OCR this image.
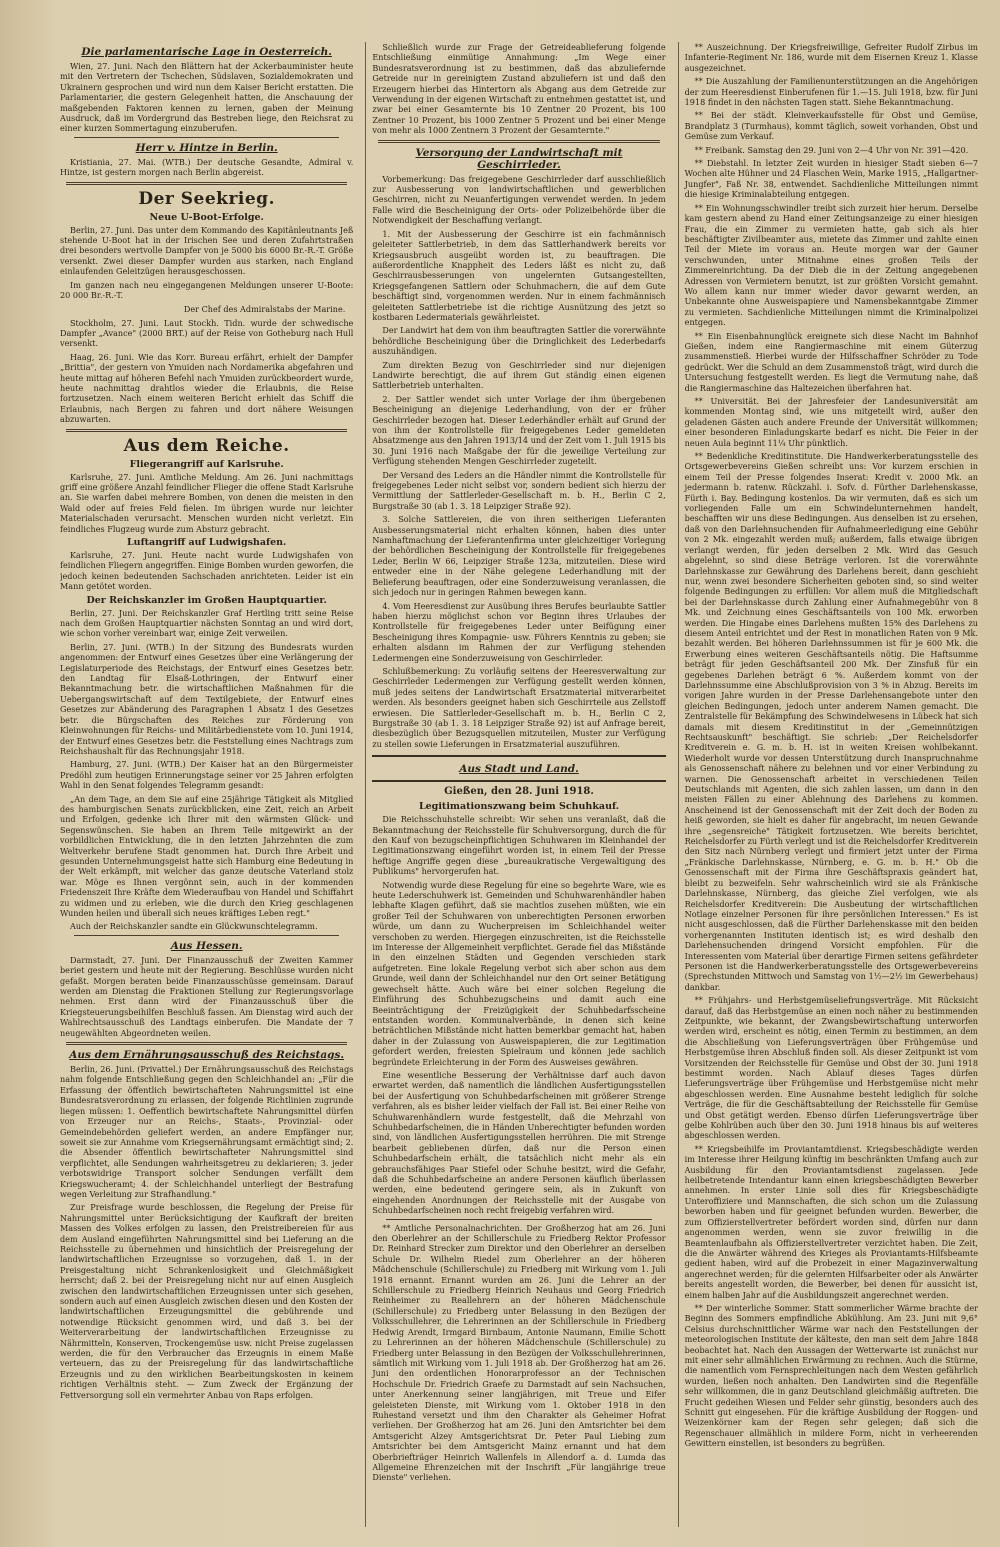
Die parlamentarische Lage in Oesterreich.

Wien, 27. Juni. Nach den Blättern hat der Ackerbauminister heute mit den Vertretern der Tschechen, Südslaven, Sozialdemokraten und Ukrainern gesprochen und wird nun dem Kaiser Bericht erstatten. Die Parlamentarier, die gestern Gelegenheit hatten, die Anschauung der maßgebenden Faktoren kennen zu lernen, gaben der Meinung Ausdruck, daß im Vordergrund das Bestreben liege, den Reichsrat zu einer kurzen Sommertagung einzuberufen.

Herr v. Hintze in Berlin.

Kristiania, 27. Mai. (WTB.) Der deutsche Gesandte, Admiral v. Hintze, ist gestern morgen nach Berlin abgereist.

Der Seekrieg.
Neue U-Boot-Erfolge.

Berlin, 27. Juni. Das unter dem Kommando des Kapitänleutnants Jeß stehende U-Boot hat in der Irischen See und deren Zufahrtstraßen drei besonders wertvolle Dampfer von je 5000 bis 6000 Br.-R.-T. Größe versenkt. Zwei dieser Dampfer wurden aus starken, nach England einlaufenden Geleitzügen herausgeschossen.

Im ganzen nach neu eingegangenen Meldungen unserer U-Boote: 20 000 Br.-R.-T.

Der Chef des Admiralstabs der Marine.

Stockholm, 27. Juni. Laut Stockh. Tidn. wurde der schwedische Dampfer „Avance" (2000 BRT.) auf der Reise von Gotheburg nach Hull versenkt.

Haag, 26. Juni. Wie das Korr. Bureau erfährt, erhielt der Dampfer „Brittia", der gestern von Ymuiden nach Nordamerika abgefahren und heute mittag auf höheren Befehl nach Ymuiden zurückbeordert wurde, heute nachmittag drahtlos wieder die Erlaubnis, die Reise fortzusetzen. Nach einem weiteren Bericht erhielt das Schiff die Erlaubnis, nach Bergen zu fahren und dort nähere Weisungen abzuwarten.

Aus dem Reiche.
Fliegerangriff auf Karlsruhe.

Karlsruhe, 27. Juni. Amtliche Meldung. Am 26. Juni nachmittags griff eine größere Anzahl feindlicher Flieger die offene Stadt Karlsruhe an. Sie warfen dabei mehrere Bomben, von denen die meisten in den Wald oder auf freies Feld fielen. Im übrigen wurde nur leichter Materialschaden verursacht. Menschen wurden nicht verletzt. Ein feindliches Flugzeug wurde zum Absturz gebracht.

Luftangriff auf Ludwigshafen.

Karlsruhe, 27. Juni. Heute nacht wurde Ludwigshafen von feindlichen Fliegern angegriffen. Einige Bomben wurden geworfen, die jedoch keinen bedeutenden Sachschaden anrichteten. Leider ist ein Mann getötet worden.

Der Reichskanzler im Großen Hauptquartier.

Berlin, 27. Juni. Der Reichskanzler Graf Hertling tritt seine Reise nach dem Großen Hauptquartier nächsten Sonntag an und wird dort, wie schon vorher vereinbart war, einige Zeit verweilen.

Berlin, 27. Juni. (WTB.) In der Sitzung des Bundesrats wurden angenommen: der Entwurf eines Gesetzes über eine Verlängerung der Legislaturperiode des Reichstags, der Entwurf eines Gesetzes betr. den Landtag für Elsaß-Lothringen, der Entwurf einer Bekanntmachung betr. die wirtschaftlichen Maßnahmen für die Uebergangswirtschaft auf dem Textilgebiete, der Entwurf eines Gesetzes zur Abänderung des Paragraphen 1 Absatz 1 des Gesetzes betr. die Bürgschaften des Reiches zur Förderung von Kleinwohnungen für Reichs- und Militärbedienstete vom 10. Juni 1914, der Entwurf eines Gesetzes betr. die Feststellung eines Nachtrags zum Reichshaushalt für das Rechnungsjahr 1918.

Hamburg, 27. Juni. (WTB.) Der Kaiser hat an den Bürgermeister Predöhl zum heutigen Erinnerungstage seiner vor 25 Jahren erfolgten Wahl in den Senat folgendes Telegramm gesandt:

„An dem Tage, an dem Sie auf eine 25jährige Tätigkeit als Mitglied des hamburgischen Senats zurückblicken, eine Zeit, reich an Arbeit und Erfolgen, gedenke ich Ihrer mit den wärmsten Glück- und Segenswünschen. Sie haben an Ihrem Teile mitgewirkt an der vorbildlichen Entwicklung, die in den letzten Jahrzehnten die zum Weltverkehr berufene Stadt genommen hat. Durch Ihre Arbeit und gesunden Unternehmungsgeist hatte sich Hamburg eine Bedeutung in der Welt erkämpft, mit welcher das ganze deutsche Vaterland stolz war. Möge es Ihnen vergönnt sein, auch in der kommenden Friedenszeit Ihre Kräfte dem Wiederaufbau von Handel und Schiffahrt zu widmen und zu erleben, wie die durch den Krieg geschlagenen Wunden heilen und überall sich neues kräftiges Leben regt."

Auch der Reichskanzler sandte ein Glückwunschtelegramm.

Aus Hessen.

Darmstadt, 27. Juni. Der Finanzausschuß der Zweiten Kammer beriet gestern und heute mit der Regierung. Beschlüsse wurden nicht gefaßt. Morgen beraten beide Finanzausschüsse gemeinsam. Darauf werden am Dienstag die Fraktionen Stellung zur Regierungsvorlage nehmen. Erst dann wird der Finanzausschuß über die Kriegsteuerungsbeihilfen Beschluß fassen. Am Dienstag wird auch der Wahlrechtsausschuß des Landtags einberufen. Die Mandate der 7 neugewählten Abgeordneten weilen.

Aus dem Ernährungsausschuß des Reichstags.

Berlin, 26. Juni. (Privattel.) Der Ernährungsausschuß des Reichstags nahm folgende Entschließung gegen den Schleichhandel an: „Für die Erfassung der öffentlich bewirtschafteten Nahrungsmittel ist eine Bundesratsverordnung zu erlassen, der folgende Richtlinien zugrunde liegen müssen: 1. Oeffentlich bewirtschaftete Nahrungsmittel dürfen von Erzeuger nur an Reichs-, Staats-, Provinzial- oder Gemeindebehörden geliefert werden, an andere Empfänger nur, soweit sie zur Annahme vom Kriegsernährungsamt ermächtigt sind; 2. die Absender öffentlich bewirtschafteter Nahrungsmittel sind verpflichtet, alle Sendungen wahrheitsgetreu zu deklarieren; 3. jeder verbotswidrige Transport solcher Sendungen verfällt dem Kriegswucheramt; 4. der Schleichhandel unterliegt der Bestrafung wegen Verleitung zur Strafhandlung."

Zur Preisfrage wurde beschlossen, die Regelung der Preise für Nahrungsmittel unter Berücksichtigung der Kaufkraft der breiten Massen des Volkes erfolgen zu lassen, den Preistreibereien für aus dem Ausland eingeführten Nahrungsmittel sind bei Lieferung an die Reichsstelle zu übernehmen und hinsichtlich der Preisregelung der landwirtschaftlichen Erzeugnisse so vorzugehen, daß 1. in der Preisgestaltung nicht Schrankenlosigkeit und Gleichmäßigkeit herrscht; daß 2. bei der Preisregelung nicht nur auf einen Ausgleich zwischen den landwirtschaftlichen Erzeugnissen unter sich gesehen, sondern auch auf einen Ausgleich zwischen diesen und den Kosten der landwirtschaftlichen Erzeugungsmittel die gebührende und notwendige Rücksicht genommen wird, und daß 3. bei der Weiterverarbeitung der landwirtschaftlichen Erzeugnisse zu Nährmitteln, Konserven, Trockengemüse usw. nicht Preise zugelassen werden, die für den Verbraucher das Erzeugnis in einem Maße verteuern, das zu der Preisregelung für das landwirtschaftliche Erzeugnis und zu den wirklichen Bearbeitungskosten in keinem richtigen Verhältnis steht. — Zum Zweck der Ergänzung der Fettversorgung soll ein vermehrter Anbau von Raps erfolgen.

Schließlich wurde zur Frage der Getreideablieferung folgende Entschließung einmütige Annahmung: „Im Wege einer Bundesratsverordnung ist zu bestimmen, daß das abzuliefernde Getreide nur in gereinigtem Zustand abzuliefern ist und daß den Erzeugern hierbei das Hintertorn als Abgang aus dem Getreide zur Verwendung in der eigenen Wirtschaft zu entnehmen gestattet ist, und zwar bei einer Gesamternte bis 10 Zentner 20 Prozent, bis 100 Zentner 10 Prozent, bis 1000 Zentner 5 Prozent und bei einer Menge von mehr als 1000 Zentnern 3 Prozent der Gesamternte."

Versorgung der Landwirtschaft mit Geschirrleder.

Vorbemerkung: Das freigegebene Geschirrleder darf ausschließlich zur Ausbesserung von landwirtschaftlichen und gewerblichen Geschirren, nicht zu Neuanfertigungen verwendet werden. In jedem Falle wird die Bescheinigung der Orts- oder Polizeibehörde über die Notwendigkeit der Beschaffung verlangt.

1. Mit der Ausbesserung der Geschirre ist ein fachmännisch geleiteter Sattlerbetrieb, in dem das Sattlerhandwerk bereits vor Kriegsausbruch ausgeübt worden ist, zu beauftragen. Die außerordentliche Knappheit des Leders läßt es nicht zu, daß Geschirrausbesserungen von ungelernten Gutsangestellten, Kriegsgefangenen Sattlern oder Schuhmachern, die auf dem Gute beschäftigt sind, vorgenommen werden. Nur in einem fachmännisch geleiteten Sattlerbetriebe ist die richtige Ausnützung des jetzt so kostbaren Ledermaterials gewährleistet.

Der Landwirt hat dem von ihm beauftragten Sattler die vorerwähnte behördliche Bescheinigung über die Dringlichkeit des Lederbedarfs auszuhändigen.

Zum direkten Bezug von Geschirrleder sind nur diejenigen Landwirte berechtigt, die auf ihrem Gut ständig einen eigenen Sattlerbetrieb unterhalten.

2. Der Sattler wendet sich unter Vorlage der ihm übergebenen Bescheinigung an diejenige Lederhandlung, von der er früher Geschirrleder bezogen hat. Dieser Lederhändler erhält auf Grund der von ihm der Kontrollstelle für freigegebenes Leder gemeldeten Absatzmenge aus den Jahren 1913/14 und der Zeit vom 1. Juli 1915 bis 30. Juni 1916 nach Maßgabe der für die jeweilige Verteilung zur Verfügung stehenden Mengen Geschirrleder zugeteilt.

Der Versand des Leders an die Händler nimmt die Kontrollstelle für freigegebenes Leder nicht selbst vor, sondern bedient sich hierzu der Vermittlung der Sattlerleder-Gesellschaft m. b. H., Berlin C 2, Burgstraße 30 (ab 1. 3. 18 Leipziger Straße 92).

3. Solche Sattlereien, die von ihren seitherigen Lieferanten Ausbesserungsmaterial nicht erhalten können, haben dies unter Namhaftmachung der Lieferantenfirma unter gleichzeitiger Vorlegung der behördlichen Bescheinigung der Kontrollstelle für freigegebenes Leder, Berlin W 66, Leipziger Straße 123a, mitzuteilen. Diese wird entweder eine in der Nähe gelegene Lederhandlung mit der Belieferung beauftragen, oder eine Sonderzuweisung veranlassen, die sich jedoch nur in geringen Rahmen bewegen kann.

4. Vom Heeresdienst zur Ausübung ihres Berufes beurlaubte Sattler haben hierzu möglichst schon vor Beginn ihres Urlaubes der Kontrollstelle für freigegebenes Leder unter Beifügung einer Bescheinigung ihres Kompagnie- usw. Führers Kenntnis zu geben; sie erhalten alsdann im Rahmen der zur Verfügung stehenden Ledermengen eine Sonderzuweisung von Geschirrleder.

Schlußbemerkung: Zu vorläufig seitens der Heeresverwaltung zur Geschirrleder Ledermengen zur Verfügung gestellt werden können, muß jedes seitens der Landwirtschaft Ersatzmaterial mitverarbeitet werden. Als besonders geeignet haben sich Geschirrteile aus Zellstoff erwiesen. Die Sattlerleder-Gesellschaft m. b. H., Berlin C 2, Burgstraße 30 (ab 1. 3. 18 Leipziger Straße 92) ist auf Anfrage bereit, diesbezüglich über Bezugsquellen mitzuteilen, Muster zur Verfügung zu stellen sowie Lieferungen in Ersatzmaterial auszuführen.

Aus Stadt und Land.
Gießen, den 28. Juni 1918.
Legitimationszwang beim Schuhkauf.

Die Reichsschuhstelle schreibt: Wir sehen uns veranlaßt, daß die Bekanntmachung der Reichsstelle für Schuhversorgung, durch die für den Kauf von bezugscheinpflichtigen Schuhwaren im Kleinhandel der Legitimationszwang eingeführt worden ist, in einem Teil der Presse heftige Angriffe gegen diese „bureaukratische Vergewaltigung des Publikums" hervorgerufen hat.

Notwendig wurde diese Regelung für eine so begehrte Ware, wie es heute Lederschuhwerk ist. Gemeinden und Schuhwarenhändler haben lebhafte Klagen geführt, daß sie machtlos zusehen müßten, wie ein großer Teil der Schuhwaren von unberechtigten Personen erworben würde, um dann zu Wucherpreisen im Schleichhandel weiter verschoben zu werden. Hiergegen einzuschreiten, ist die Reichsstelle im Interesse der Allgemeinheit verpflichtet. Gerade fiel das Mißstände in den einzelnen Städten und Gegenden verschieden stark aufgetreten. Eine lokale Regelung verbot sich aber schon aus dem Grunde, weil dann der Schleichhandel nur den Ort seiner Betätigung gewechselt hätte. Auch wäre bei einer solchen Regelung die Einführung des Schuhbezugscheins und damit auch eine Beeinträchtigung der Freizügigkeit der Schuhbedarfsscheine entstanden worden. Kommunalverbände, in denen sich keine beträchtlichen Mißstände nicht hatten bemerkbar gemacht hat, haben daher in der Zulassung von Ausweispapieren, die zur Legitimation gefordert werden, freiesten Spielraum und können jede sachlich begründete Erleichterung in der Form des Ausweises gewähren.

Eine wesentliche Besserung der Verhältnisse darf auch davon erwartet werden, daß namentlich die ländlichen Ausfertigungsstellen bei der Ausfertigung von Schuhbedarfscheinen mit größerer Strenge verfahren, als es bisher leider vielfach der Fall ist. Bei einer Reihe von Schuhwarenhändlern wurde festgestellt, daß die Mehrzahl von Schuhbedarfscheinen, die in Händen Unberechtigter befunden worden sind, von ländlichen Ausfertigungsstellen herrühren. Die mit Strenge bearbeit gebliebenen dürfen, daß nur die Person einen Schuhbedarfschein erhält, die tatsächlich nicht mehr als ein gebrauchsfähiges Paar Stiefel oder Schuhe besitzt, wird die Gefahr, daß die Schuhbedarfscheine an andere Personen käuflich überlassen werden, eine bedeutend geringere sein, als in Zukunft von eingehenden Anordnungen der Reichsstelle mit der Ausgabe von Schuhbedarfscheinen noch recht freigebig verfahren wird.

** Amtliche Personalnachrichten. Der Großherzog hat am 26. Juni den Oberlehrer an der Schillerschule zu Friedberg Rektor Professor Dr. Reinhard Strecker zum Direktor und den Oberlehrer an derselben Schule Dr. Wilhelm Riedel zum Oberlehrer an der höheren Mädchenschule (Schillerschule) zu Friedberg mit Wirkung vom 1. Juli 1918 ernannt. Ernannt wurden am 26. Juni die Lehrer an der Schillerschule zu Friedberg Heinrich Neuhaus und Georg Friedrich Reinheimer zu Reallehrern an der höheren Mädchenschule (Schillerschule) zu Friedberg unter Belassung in den Bezügen der Volksschullehrer, die Lehrerinnen an der Schillerschule in Friedberg Hedwig Arendt, Irmgard Birnbaum, Antonie Naumann, Emilie Schott zu Lehrerinnen an der höheren Mädchenschule (Schillerschule) zu Friedberg unter Belassung in den Bezügen der Volksschullehrerinnen, sämtlich mit Wirkung vom 1. Juli 1918 ab. Der Großherzog hat am 26. Juni den ordentlichen Honorarprofessor an der Technischen Hochschule Dr. Friedrich Graefe zu Darmstadt auf sein Nachsuchen, unter Anerkennung seiner langjährigen, mit Treue und Eifer geleisteten Dienste, mit Wirkung vom 1. Oktober 1918 in den Ruhestand versetzt und ihm den Charakter als Geheimer Hofrat verliehen. Der Großherzog hat am 26. Juni den Amtsrichter bei dem Amtsgericht Alzey Amtsgerichtsrat Dr. Peter Paul Liebing zum Amtsrichter bei dem Amtsgericht Mainz ernannt und hat dem Oberbriefträger Heinrich Wallenfels in Allendorf a. d. Lumda das Allgemeine Ehrenzeichen mit der Inschrift „Für langjährige treue Dienste" verliehen.

** Auszeichnung. Der Kriegsfreiwillige, Gefreiter Rudolf Zirbus im Infanterie-Regiment Nr. 186, wurde mit dem Eisernen Kreuz 1. Klasse ausgezeichnet.

** Die Auszahlung der Familienunterstützungen an die Angehörigen der zum Heeresdienst Einberufenen für 1.—15. Juli 1918, bzw. für Juni 1918 findet in den nächsten Tagen statt. Siehe Bekanntmachung.

** Bei der städt. Kleinverkaufsstelle für Obst und Gemüse, Brandplatz 3 (Turmhaus), kommt täglich, soweit vorhanden, Obst und Gemüse zum Verkauf.

** Freibank. Samstag den 29. Juni von 2—4 Uhr von Nr. 391—420.

** Diebstahl. In letzter Zeit wurden in hiesiger Stadt sieben 6—7 Wochen alte Hühner und 24 Flaschen Wein, Marke 1915, „Hallgartner-Jungfer", Faß Nr. 38, entwendet. Sachdienliche Mitteilungen nimmt die hiesige Kriminalabteilung entgegen.

** Ein Wohnungsschwindler treibt sich zurzeit hier herum. Derselbe kam gestern abend zu Hand einer Zeitungsanzeige zu einer hiesigen Frau, die ein Zimmer zu vermieten hatte, gab sich als hier beschäftigter Zivilbeamter aus, mietete das Zimmer und zahlte einen Teil der Miete im voraus an. Heute morgen war der Gauner verschwunden, unter Mitnahme eines großen Teils der Zimmereinrichtung. Da der Dieb die in der Zeitung angegebenen Adressen von Vermietern benutzt, ist zur größten Vorsicht gemahnt. Wo allem kann nur immer wieder davor gewarnt werden, an Unbekannte ohne Ausweispapiere und Namensbekanntgabe Zimmer zu vermieten. Sachdienliche Mitteilungen nimmt die Kriminalpolizei entgegen.

** Ein Eisenbahnunglück ereignete sich diese Nacht im Bahnhof Gießen, indem eine Rangiermaschine mit einem Güterzug zusammenstieß. Hierbei wurde der Hilfsschaffner Schröder zu Tode gedrückt. Wer die Schuld an dem Zusammenstoß trägt, wird durch die Untersuchung festgestellt werden. Es liegt die Vermutung nahe, daß die Rangiermaschine das Haltezeichen überfahren hat.

** Universität. Bei der Jahresfeier der Landesuniversität am kommenden Montag sind, wie uns mitgeteilt wird, außer den geladenen Gästen auch andere Freunde der Universität willkommen; einer besonderen Einladungskarte bedarf es nicht. Die Feier in der neuen Aula beginnt 11¼ Uhr pünktlich.

** Bedenkliche Kreditinstitute. Die Handwerkerberatungsstelle des Ortsgewerbevereins Gießen schreibt uns: Vor kurzem erschien in einem Teil der Presse folgendes Inserat: Kredit v. 2000 Mk. an jedermann b. ratenw. Rückzahl. i. Sofv. d. Fürther Darlehenskasse, Fürth i. Bay. Bedingung kostenlos. Da wir vermuten, daß es sich um vorliegenden Falle um ein Schwindelunternehmen handelt, beschafften wir uns diese Bedingungen. Aus denselben ist zu ersehen, daß von den Darlehnsuchenden für Aufnahmeerledigung eine Gebühr von 2 Mk. eingezahlt werden muß; außerdem, falls etwaige übrigen verlangt werden, für jeden derselben 2 Mk. Wird das Gesuch abgelehnt, so sind diese Beträge verloren. Ist die vorerwähnte Darlehnskasse zur Gewährung des Darlehens bereit, dann geschieht nur, wenn zwei besondere Sicherheiten geboten sind, so sind weiter folgende Bedingungen zu erfüllen: Vor allem muß die Mitgliedschaft bei der Darlehnskasse durch Zahlung einer Aufnahmegebühr von 8 Mk. und Zeichnung eines Geschäftsanteils von 100 Mk. erworben werden. Die Hingabe eines Darlehens mußten 15% des Darlehens zu diesem Anteil entrichtet und der Rest in monatlichen Raten von 9 Mk. bezahlt werden. Bei höheren Darlehnssummen ist für je 600 Mk. die Erwerbung eines weiteren Geschäftsanteils nötig. Die Haftsumme beträgt für jeden Geschäftsanteil 200 Mk. Der Zinsfuß für ein gegebenes Darlehen beträgt 6 %. Außerdem kommt von der Darlehnssumme eine Abschlußprovision von 3 % in Abzug. Bereits im vorigen Jahre wurden in der Presse Darlehensangebote unter den gleichen Bedingungen, jedoch unter anderem Namen gemacht. Die Zentralstelle für Bekämpfung des Schwindelwesens in Lübeck hat sich damals mit diesem Kreditinstitut in der „Gemeinnützigen Rechtsauskunft" beschäftigt. Sie schrieb: „Der Reichelsdorfer Kreditverein e. G. m. b. H. ist in weiten Kreisen wohlbekannt. Wiederholt wurde vor dessen Unterstützung durch Inanspruchnahme als Genossenschaft nähere zu belehnen und vor einer Verbindung zu warnen. Die Genossenschaft arbeitet in verschiedenen Teilen Deutschlands mit Agenten, die sich zahlen lassen, um dann in den meisten Fällen zu einer Ablehnung des Darlehens zu kommen. Anscheinend ist der Genossenschaft mit der Zeit doch der Boden zu heiß geworden, sie hielt es daher für angebracht, im neuen Gewande ihre „segensreiche" Tätigkeit fortzusetzen. Wie bereits berichtet, Reichelsdorfer zu Fürth verlegt und ist die Reichelsdorfer Kreditverein den Sitz nach Nürnberg verlegt und firmiert jetzt unter der Firma „Fränkische Darlehnskasse, Nürnberg, e. G. m. b. H." Ob die Genossenschaft mit der Firma ihre Geschäftspraxis geändert hat, bleibt zu bezweifeln. Sehr wahrscheinlich wird sie als Fränkische Darlehnskasse, Nürnberg, das gleiche Ziel verfolgen, wie als Reichelsdorfer Kreditverein: Die Ausbeutung der wirtschaftlichen Notlage einzelner Personen für ihre persönlichen Interessen." Es ist nicht ausgeschlossen, daß die Fürther Darlehenskasse mit den beiden vorhergenannten Instituten identisch ist; es wird deshalb den Darlehensuchenden dringend Vorsicht empfohlen. Für die Interessenten vom Material über derartige Firmen seitens gefährdeter Personen ist die Handwerkerberatungsstelle des Ortsgewerbevereins (Sprechstunden Mittwoch und Samstag von 1½—2½ im Gewerbehaus) dankbar.

** Frühjahrs- und Herbstgemüseliefrungsverträge. Mit Rücksicht darauf, daß das Herbstgemüse an einen noch näher zu bestimmenden Zeitpunkte, wie bekannt, der Zwangsbewirtschaftung unterworfen werden wird, erscheint es nötig, einen Termin zu bestimmen, an dem die Abschließung von Lieferungsverträgen über Frühgemüse und Herbstgemüse ihren Abschluß finden soll. Als dieser Zeitpunkt ist vom Vorsitzenden der Reichsstelle für Gemüse und Obst der 30. Juni 1918 bestimmt worden. Nach Ablauf dieses Tages dürfen Lieferungsverträge über Frühgemüse und Herbstgemüse nicht mehr abgeschlossen werden. Eine Ausnahme besteht lediglich für solche Verträge, die für die Geschäftsabteilung der Reichsstelle für Gemüse und Obst getätigt werden. Ebenso dürfen Lieferungsverträge über gelbe Kohlrüben auch über den 30. Juni 1918 hinaus bis auf weiteres abgeschlossen werden.

** Kriegsbeihilfe im Proviantamtdienst. Kriegsbeschädigte werden im Interesse ihrer Heilgung künftig im beschränkten Umfang auch zur Ausbildung für den Proviantamtsdienst zugelassen. Jede heilbetretende Intendantur kann einen kriegsbeschädigten Bewerber annehmen. In erster Linie soll dies für Kriegsbeschädigte Unteroffiziere und Mannschaften, die sich schon um die Zulassung beworben haben und für geeignet befunden wurden. Bewerber, die zum Offizierstellvertreter befördert worden sind, dürfen nur dann angenommen werden, wenn sie zuvor freiwillig in die Beamtenlaufbahn als Offizierstellvertreter verzichtet haben. Die Zeit, die die Anwärter während des Krieges als Proviantamts-Hilfsbeamte gedient haben, wird auf die Probezeit in einer Magazinverwaltung angerechnet werden; für die gelernten Hilfsarbeiter oder als Anwärter bereits angestellt worden, die Bewerber, bei denen für aussicht ist, einem halben Jahr auf die Ausbildungszeit angerechnet werden.

** Der winterliche Sommer. Statt sommerlicher Wärme brachte der Beginn des Sommers empfindliche Abkühlung. Am 23. Juni mit 9,6° Celsius durchschnittlicher Wärme war nach den Feststellungen der meteorologischen Institute der kälteste, den man seit dem Jahre 1848 beobachtet hat. Nach den Aussagen der Wetterwarte ist zunächst nur mit einer sehr allmählichen Erwärmung zu rechnen. Auch die Stürme, die namentlich vom Fernsprechleitungen nach dem Westen gefährlich wurden, ließen noch anhalten. Den Landwirten sind die Regenfälle sehr willkommen, die in ganz Deutschland gleichmäßig auftreten. Die Frucht gedeihen Wiesen und Felder sehr günstig, besonders auch des Schnitt gut eingesehen. Für die kräftige Ausbildung der Roggen- und Weizenkörner kam der Regen sehr gelegen; daß sich die Regenschauer allmählich in mildere Form, nicht in verheerenden Gewittern einstellen, ist besonders zu begrüßen.
